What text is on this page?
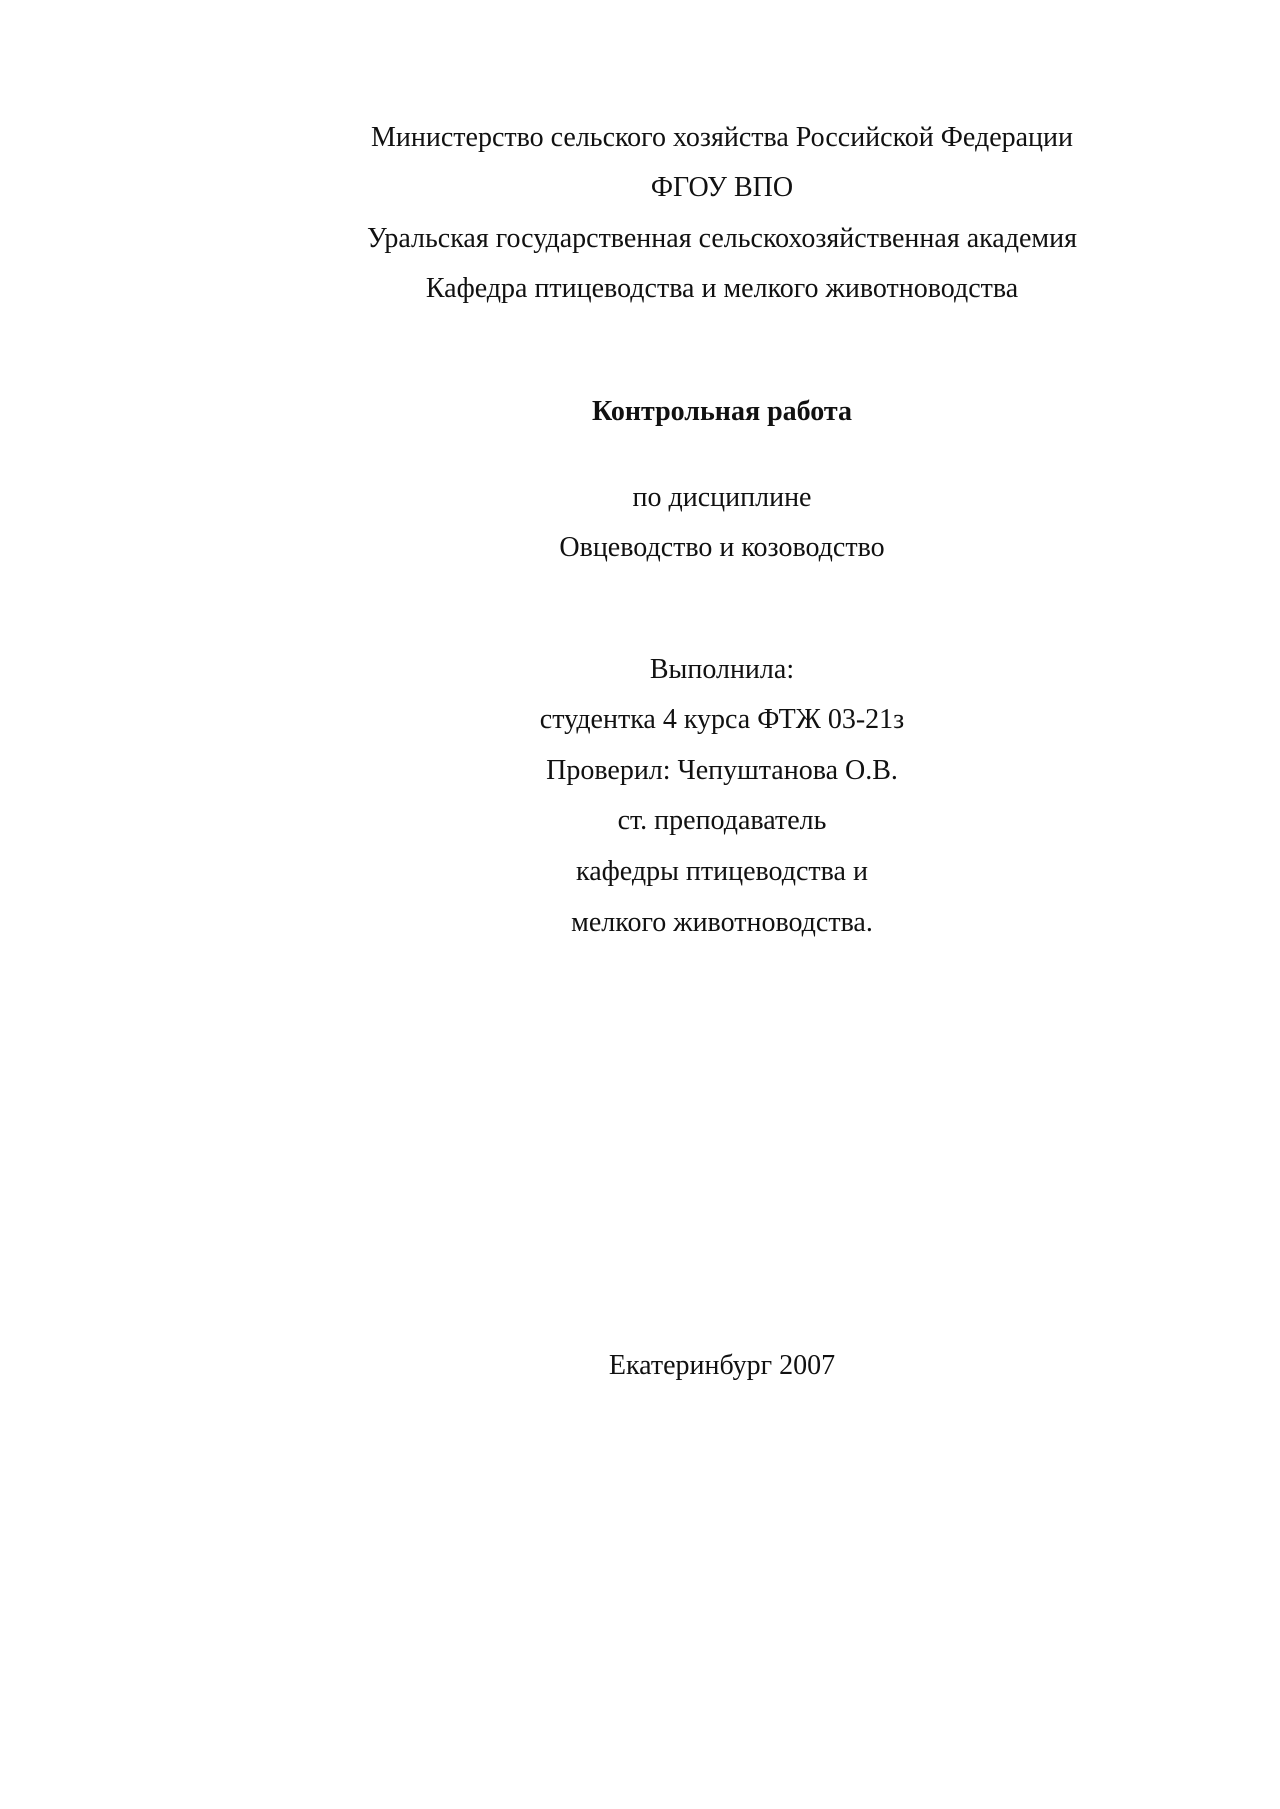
Министерство сельского хозяйства Российской Федерации
ФГОУ ВПО
Уральская государственная сельскохозяйственная академия
Кафедра птицеводства и мелкого животноводства
Контрольная работа
по дисциплине
Овцеводство и козоводство
Выполнила:
студентка 4 курса ФТЖ 03-21з
Проверил: Чепуштанова О.В.
ст. преподаватель
кафедры птицеводства и
мелкого животноводства.
Екатеринбург 2007
